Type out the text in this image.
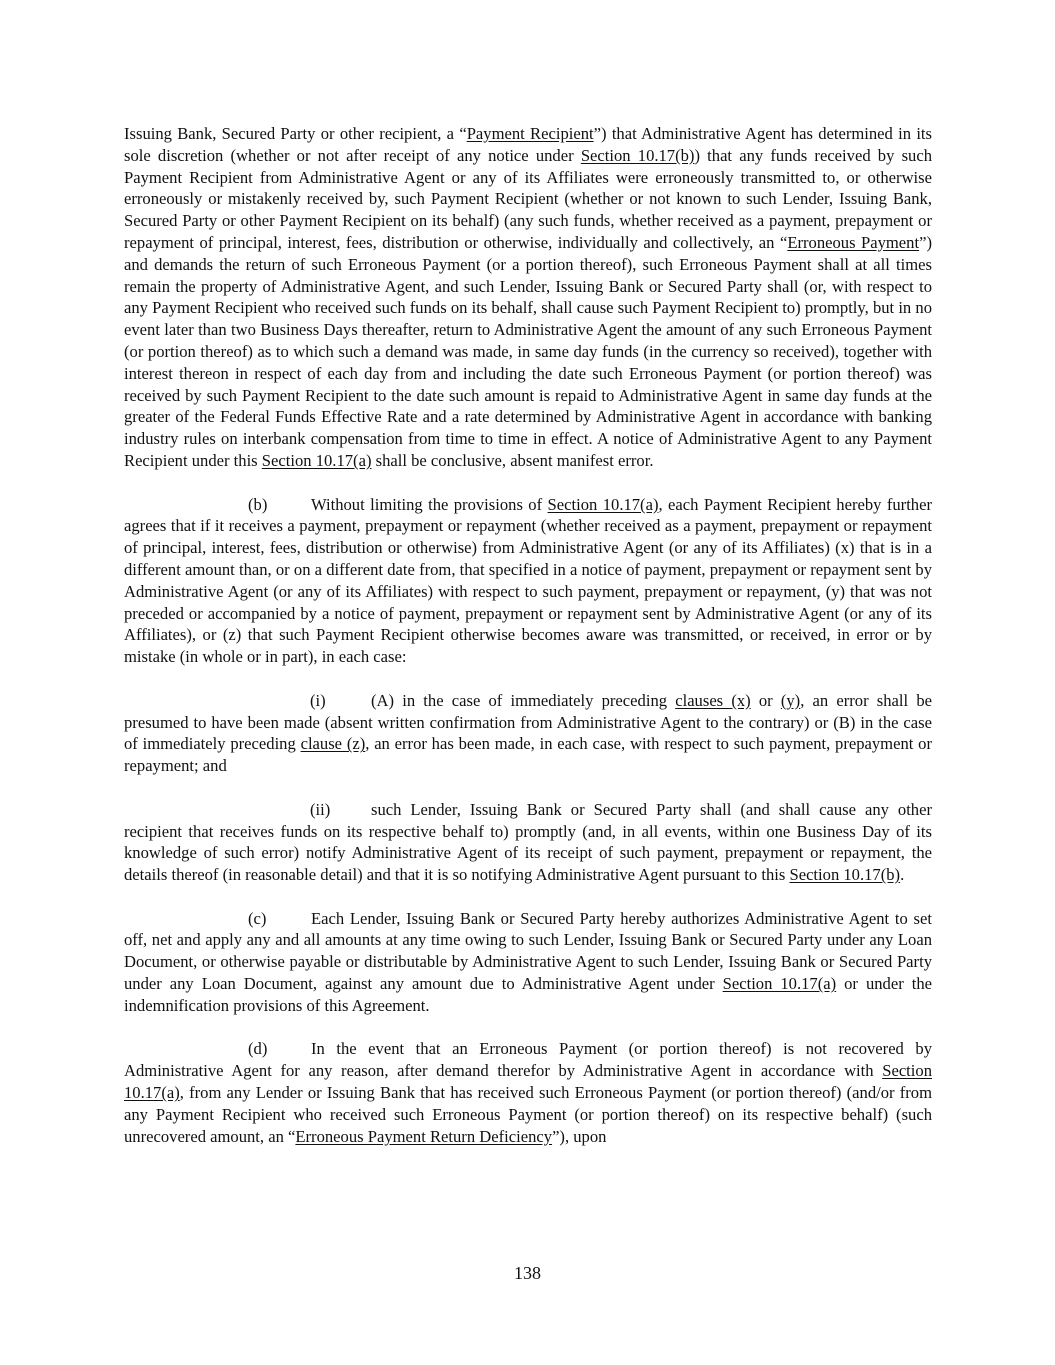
Issuing Bank, Secured Party or other recipient, a “Payment Recipient”) that Administrative Agent has determined in its sole discretion (whether or not after receipt of any notice under Section 10.17(b)) that any funds received by such Payment Recipient from Administrative Agent or any of its Affiliates were erroneously transmitted to, or otherwise erroneously or mistakenly received by, such Payment Recipient (whether or not known to such Lender, Issuing Bank, Secured Party or other Payment Recipient on its behalf) (any such funds, whether received as a payment, prepayment or repayment of principal, interest, fees, distribution or otherwise, individually and collectively, an “Erroneous Payment”) and demands the return of such Erroneous Payment (or a portion thereof), such Erroneous Payment shall at all times remain the property of Administrative Agent, and such Lender, Issuing Bank or Secured Party shall (or, with respect to any Payment Recipient who received such funds on its behalf, shall cause such Payment Recipient to) promptly, but in no event later than two Business Days thereafter, return to Administrative Agent the amount of any such Erroneous Payment (or portion thereof) as to which such a demand was made, in same day funds (in the currency so received), together with interest thereon in respect of each day from and including the date such Erroneous Payment (or portion thereof) was received by such Payment Recipient to the date such amount is repaid to Administrative Agent in same day funds at the greater of the Federal Funds Effective Rate and a rate determined by Administrative Agent in accordance with banking industry rules on interbank compensation from time to time in effect. A notice of Administrative Agent to any Payment Recipient under this Section 10.17(a) shall be conclusive, absent manifest error.

(b)	Without limiting the provisions of Section 10.17(a), each Payment Recipient hereby further agrees that if it receives a payment, prepayment or repayment (whether received as a payment, prepayment or repayment of principal, interest, fees, distribution or otherwise) from Administrative Agent (or any of its Affiliates) (x) that is in a different amount than, or on a different date from, that specified in a notice of payment, prepayment or repayment sent by Administrative Agent (or any of its Affiliates) with respect to such payment, prepayment or repayment, (y) that was not preceded or accompanied by a notice of payment, prepayment or repayment sent by Administrative Agent (or any of its Affiliates), or (z) that such Payment Recipient otherwise becomes aware was transmitted, or received, in error or by mistake (in whole or in part), in each case:

(i)	(A) in the case of immediately preceding clauses (x) or (y), an error shall be presumed to have been made (absent written confirmation from Administrative Agent to the contrary) or (B) in the case of immediately preceding clause (z), an error has been made, in each case, with respect to such payment, prepayment or repayment; and

(ii) such Lender, Issuing Bank or Secured Party shall (and shall cause any other recipient that receives funds on its respective behalf to) promptly (and, in all events, within one Business Day of its knowledge of such error) notify Administrative Agent of its receipt of such payment, prepayment or repayment, the details thereof (in reasonable detail) and that it is so notifying Administrative Agent pursuant to this Section 10.17(b).

(c)	Each Lender, Issuing Bank or Secured Party hereby authorizes Administrative Agent to set off, net and apply any and all amounts at any time owing to such Lender, Issuing Bank or Secured Party under any Loan Document, or otherwise payable or distributable by Administrative Agent to such Lender, Issuing Bank or Secured Party under any Loan Document, against any amount due to Administrative Agent under Section 10.17(a) or under the indemnification provisions of this Agreement.

(d)	In the event that an Erroneous Payment (or portion thereof) is not recovered by Administrative Agent for any reason, after demand therefor by Administrative Agent in accordance with Section 10.17(a), from any Lender or Issuing Bank that has received such Erroneous Payment (or portion thereof) (and/or from any Payment Recipient who received such Erroneous Payment (or portion thereof) on its respective behalf) (such unrecovered amount, an “Erroneous Payment Return Deficiency”), upon

138
